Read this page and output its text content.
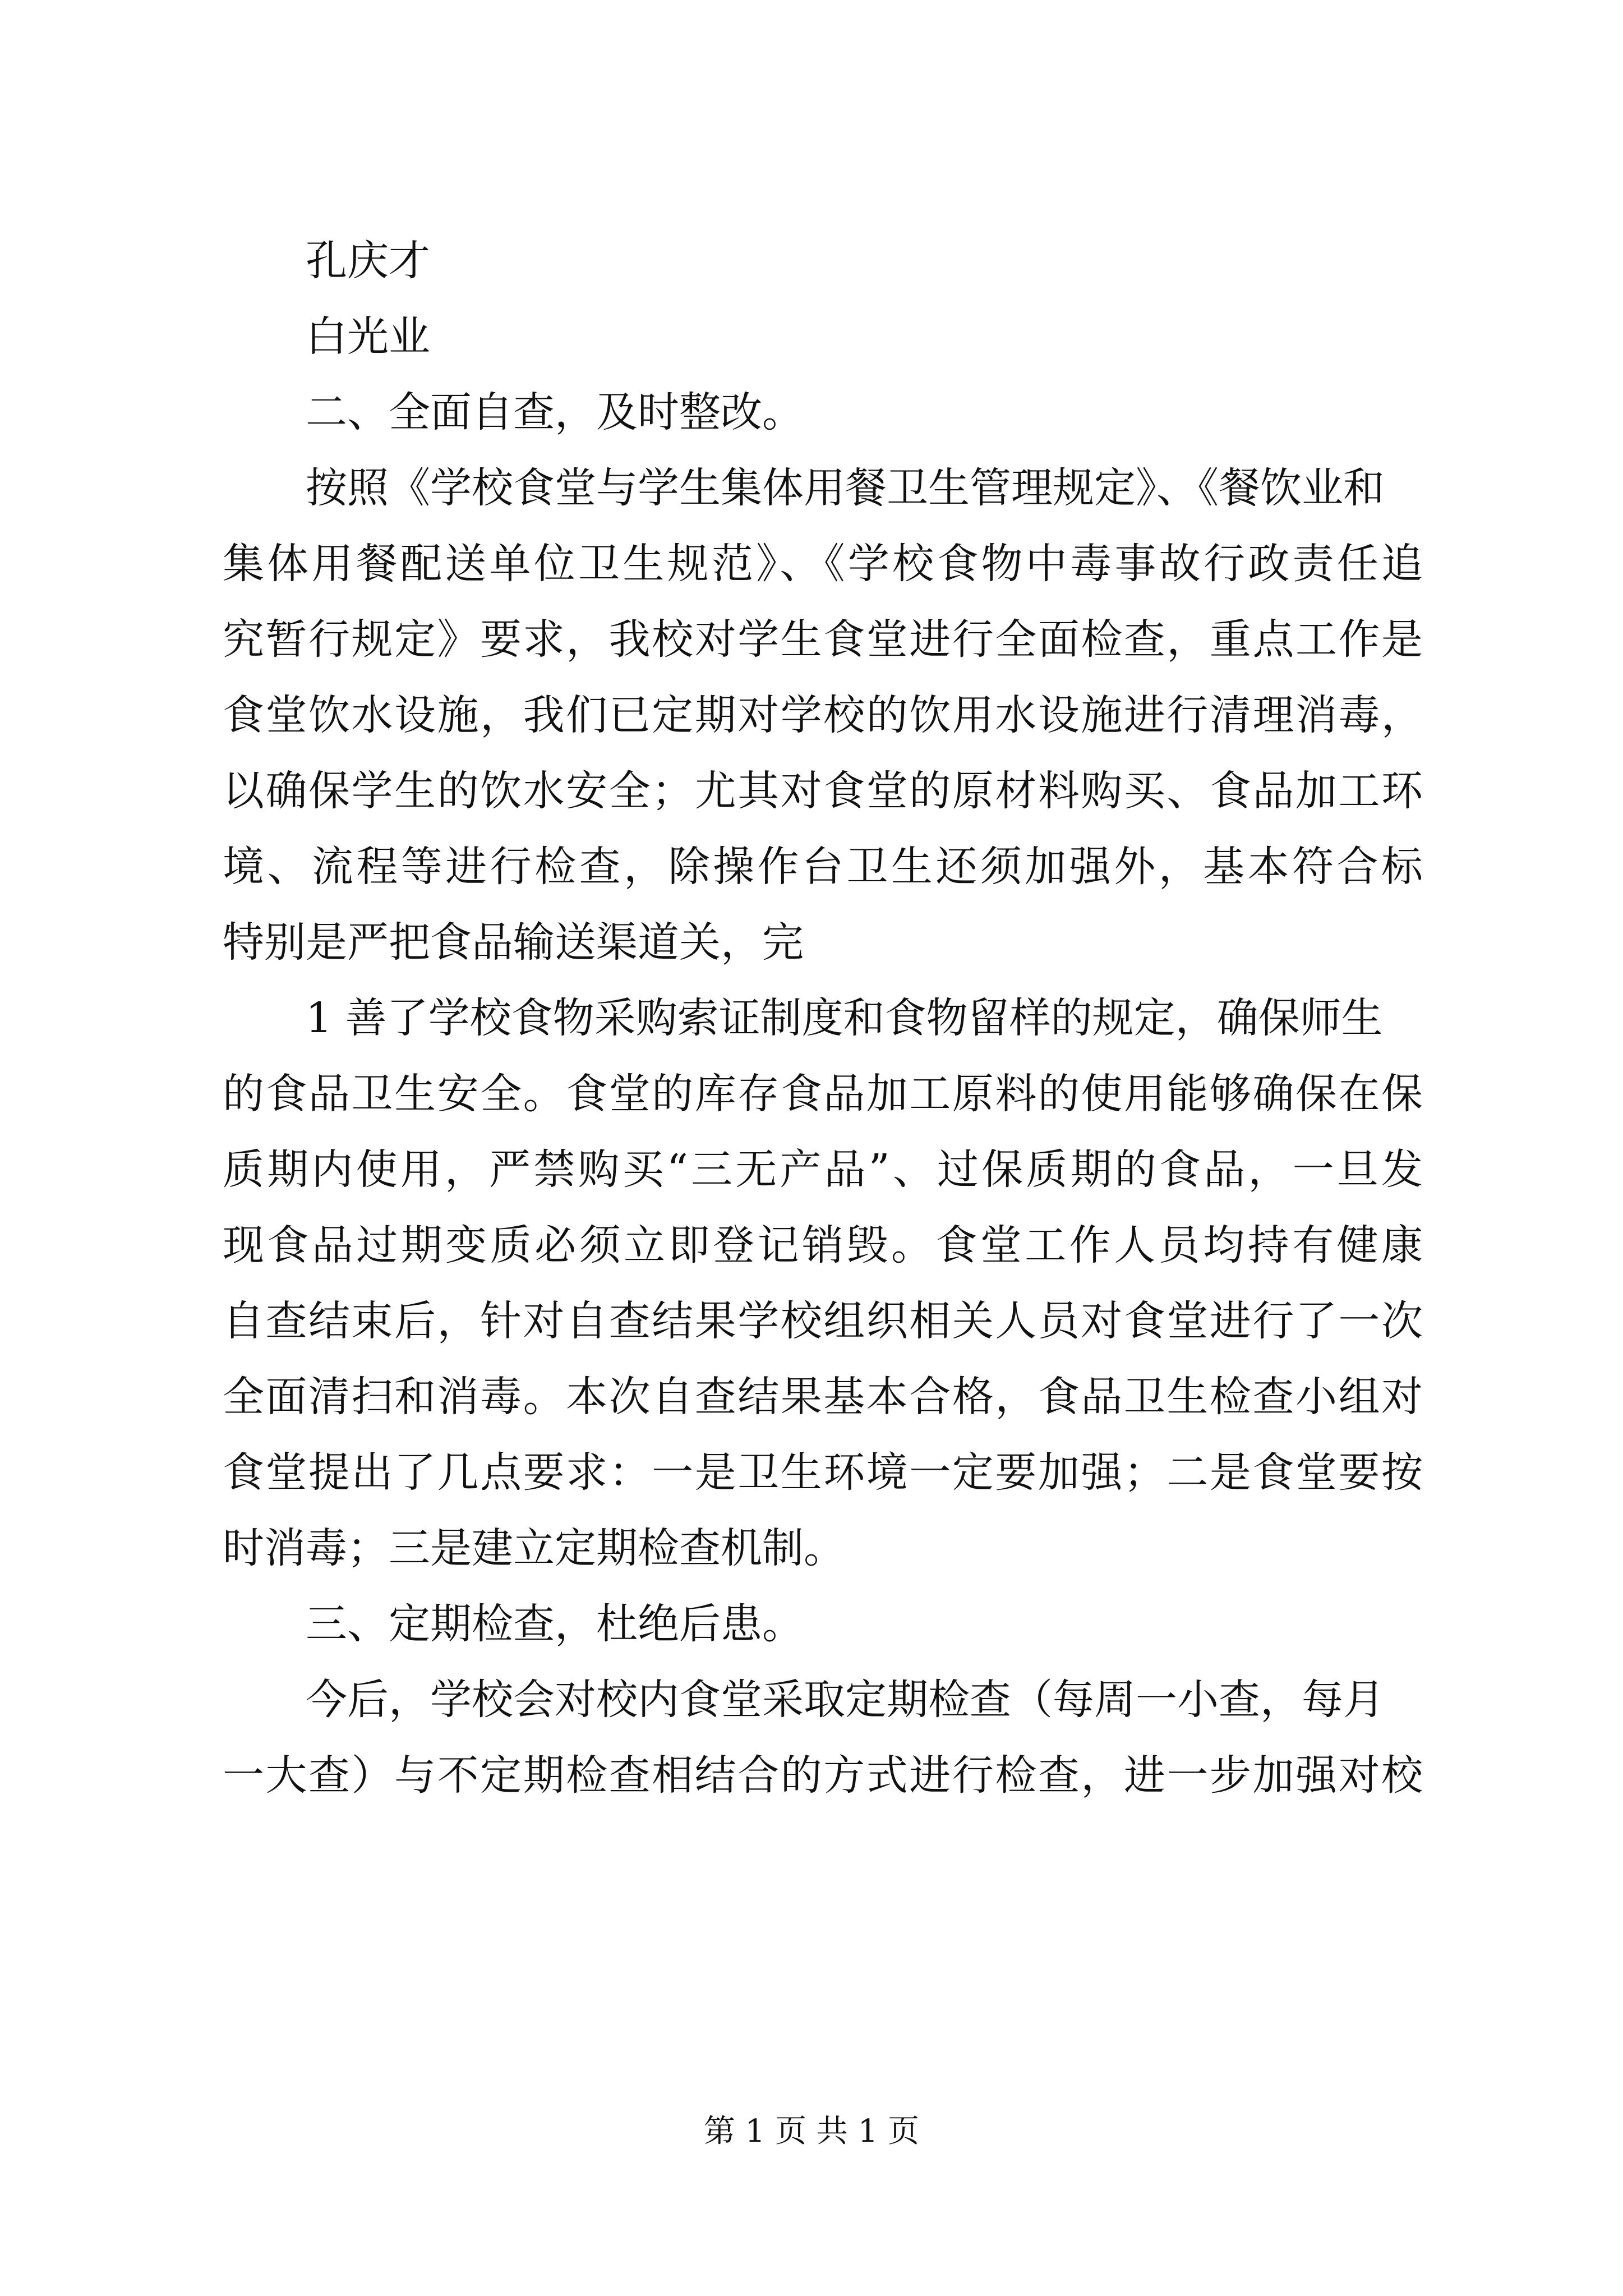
孔庆才

白光业

二、全面自查，及时整改。

按照《学校食堂与学生集体用餐卫生管理规定》、《餐饮业和

集体用餐配送单位卫生规范》、《学校食物中毒事故行政责任追

究暂行规定》要求，我校对学生食堂进行全面检查，重点工作是

食堂饮水设施，我们已定期对学校的饮用水设施进行清理消毒，

以确保学生的饮水安全；尤其对食堂的原材料购买、食品加工环

境、流程等进行检查，除操作台卫生还须加强外，基本符合标

特别是严把食品输送渠道关，完

1 善了学校食物采购索证制度和食物留样的规定，确保师生

的食品卫生安全。食堂的库存食品加工原料的使用能够确保在保

质期内使用，严禁购买“三无产品”、过保质期的食品，一旦发

现食品过期变质必须立即登记销毁。食堂工作人员均持有健康

自查结束后，针对自查结果学校组织相关人员对食堂进行了一次

全面清扫和消毒。本次自查结果基本合格，食品卫生检查小组对

食堂提出了几点要求：一是卫生环境一定要加强；二是食堂要按

时消毒；三是建立定期检查机制。

三、定期检查，杜绝后患。

今后，学校会对校内食堂采取定期检查（每周一小查，每月

一大查）与不定期检查相结合的方式进行检查，进一步加强对校

第 1 页 共 1 页
